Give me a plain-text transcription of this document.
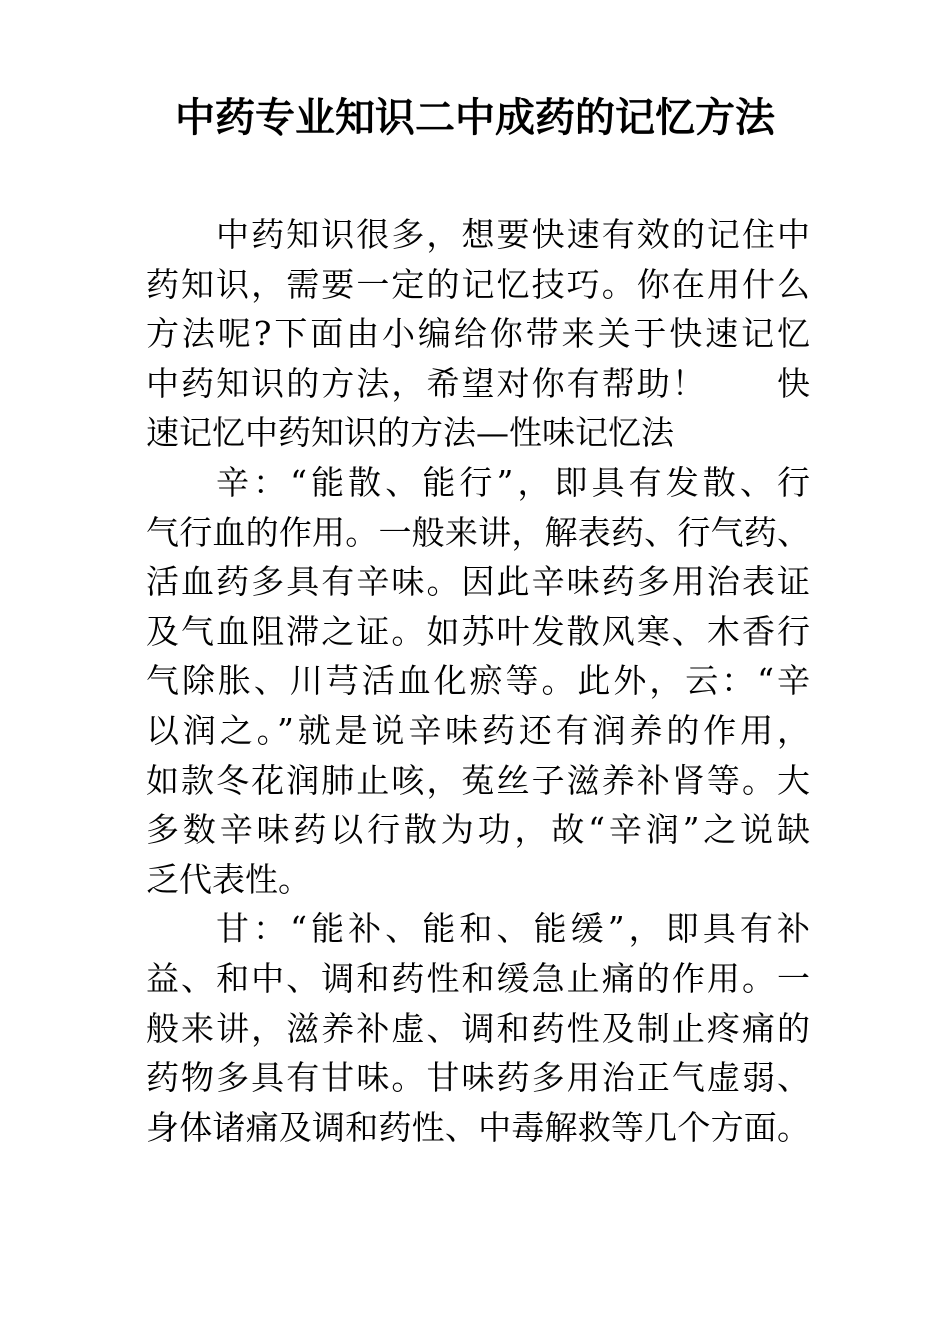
中药专业知识二中成药的记忆方法
中药知识很多，想要快速有效的记住中
药知识，需要一定的记忆技巧。你在用什么
方法呢?下面由小编给你带来关于快速记忆
中药知识的方法，希望对你有帮助！　　快
速记忆中药知识的方法—性味记忆法
辛：“能散、能行”，即具有发散、行
气行血的作用。一般来讲，解表药、行气药、
活血药多具有辛味。因此辛味药多用治表证
及气血阻滞之证。如苏叶发散风寒、木香行
气除胀、川芎活血化瘀等。此外，云：“辛
以润之。”就是说辛味药还有润养的作用，
如款冬花润肺止咳，菟丝子滋养补肾等。大
多数辛味药以行散为功，故“辛润”之说缺
乏代表性。
甘：“能补、能和、能缓”，即具有补
益、和中、调和药性和缓急止痛的作用。一
般来讲，滋养补虚、调和药性及制止疼痛的
药物多具有甘味。甘味药多用治正气虚弱、
身体诸痛及调和药性、中毒解救等几个方面。
